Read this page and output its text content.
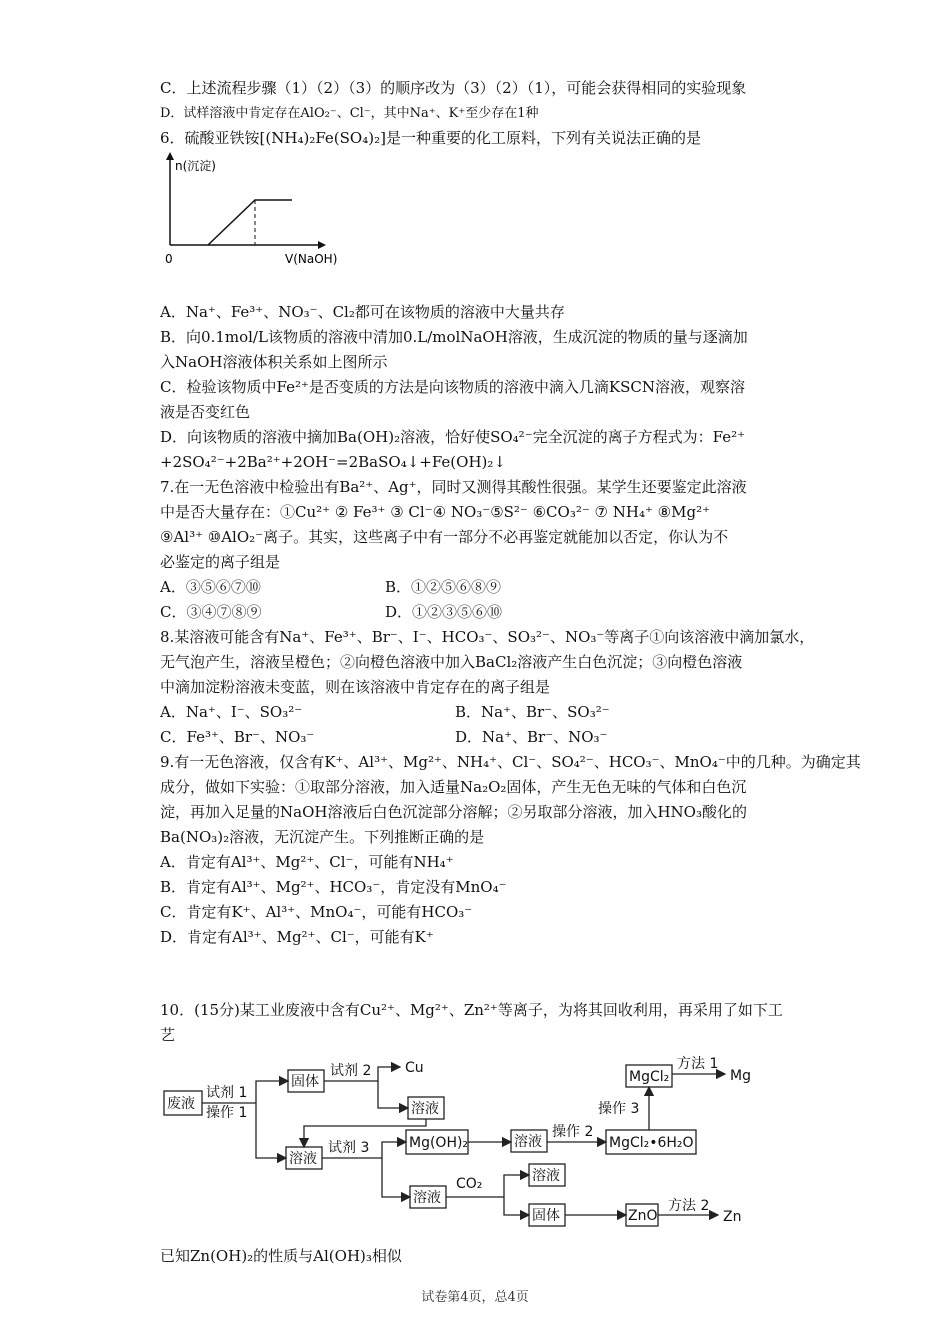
C．上述流程步骤（1）（2）（3）的顺序改为（3）（2）（1），可能会获得相同的实验现象
D．试样溶液中肯定存在AlO₂⁻、Cl⁻，其中Na⁺、K⁺至少存在1种
6．硫酸亚铁铵[(NH₄)₂Fe(SO₄)₂]是一种重要的化工原料，下列有关说法正确的是
n(沉淀)
0	V(NaOH)
A．Na⁺、Fe³⁺、NO₃⁻、Cl₂都可在该物质的溶液中大量共存
B．向0.1mol/L该物质的溶液中清加0.L/molNaOH溶液，生成沉淀的物质的量与逐滴加
入NaOH溶液体积关系如上图所示
C．检验该物质中Fe²⁺是否变质的方法是向该物质的溶液中滴入几滴KSCN溶液，观察溶
液是否变红色
D．向该物质的溶液中摘加Ba(OH)₂溶液，恰好使SO₄²⁻完全沉淀的离子方程式为：Fe²⁺
+2SO₄²⁻+2Ba²⁺+2OH⁻=2BaSO₄↓+Fe(OH)₂↓
7.在一无色溶液中检验出有Ba²⁺、Ag⁺，同时又测得其酸性很强。某学生还要鉴定此溶液
中是否大量存在：①Cu²⁺ ② Fe³⁺ ③ Cl⁻④ NO₃⁻⑤S²⁻ ⑥CO₃²⁻ ⑦ NH₄⁺ ⑧Mg²⁺
⑨Al³⁺ ⑩AlO₂⁻离子。其实，这些离子中有一部分不必再鉴定就能加以否定，你认为不
必鉴定的离子组是
A．③⑤⑥⑦⑩	B．①②⑤⑥⑧⑨
C．③④⑦⑧⑨	D．①②③⑤⑥⑩
8.某溶液可能含有Na⁺、Fe³⁺、Br⁻、I⁻、HCO₃⁻、SO₃²⁻、NO₃⁻等离子①向该溶液中滴加氯水，
无气泡产生，溶液呈橙色；②向橙色溶液中加入BaCl₂溶液产生白色沉淀；③向橙色溶液
中滴加淀粉溶液未变蓝，则在该溶液中肯定存在的离子组是
A．Na⁺、I⁻、SO₃²⁻	B．Na⁺、Br⁻、SO₃²⁻
C．Fe³⁺、Br⁻、NO₃⁻	D．Na⁺、Br⁻、NO₃⁻
9.有一无色溶液，仅含有K⁺、Al³⁺、Mg²⁺、NH₄⁺、Cl⁻、SO₄²⁻、HCO₃⁻、MnO₄⁻中的几种。为确定其
成分，做如下实验：①取部分溶液，加入适量Na₂O₂固体，产生无色无味的气体和白色沉
淀，再加入足量的NaOH溶液后白色沉淀部分溶解；②另取部分溶液，加入HNO₃酸化的
Ba(NO₃)₂溶液，无沉淀产生。下列推断正确的是
A．肯定有Al³⁺、Mg²⁺、Cl⁻，可能有NH₄⁺
B．肯定有Al³⁺、Mg²⁺、HCO₃⁻，肯定没有MnO₄⁻
C．肯定有K⁺、Al³⁺、MnO₄⁻，可能有HCO₃⁻
D．肯定有Al³⁺、Mg²⁺、Cl⁻，可能有K⁺
10．(15分)某工业废液中含有Cu²⁺、Mg²⁺、Zn²⁺等离子，为将其回收利用，再采用了如下工
艺
废液
试剂 1
操作 1
固体
试剂 2 Cu
溶液
溶液
试剂 3	Mg(OH)₂	溶液
操作 2
MgCl₂•6H₂O
操作 3
MgCl₂
方法 1
Mg
溶液
CO₂	溶液
固体	ZnO
方法 2
Zn
已知Zn(OH)₂的性质与Al(OH)₃相似
试卷第4页，总4页
